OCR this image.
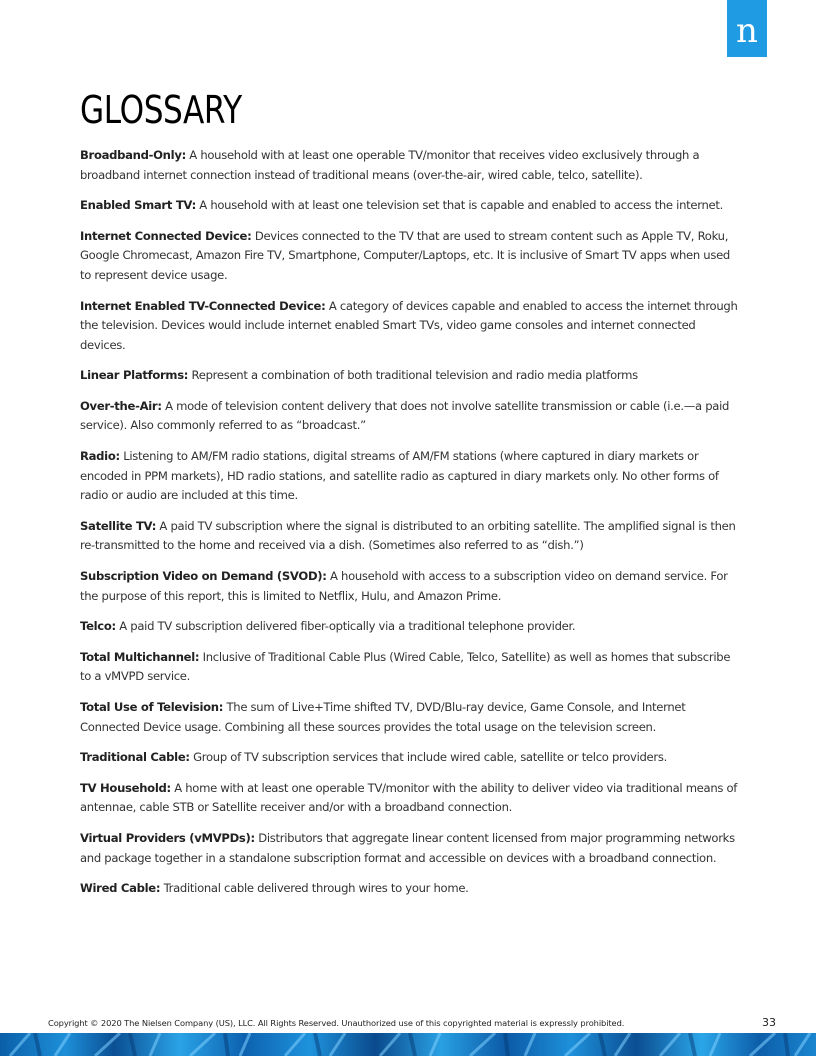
n
GLOSSARY

Broadband-Only: A household with at least one operable TV/monitor that receives video exclusively through a broadband internet connection instead of traditional means (over-the-air, wired cable, telco, satellite).

Enabled Smart TV: A household with at least one television set that is capable and enabled to access the internet.

Internet Connected Device: Devices connected to the TV that are used to stream content such as Apple TV, Roku, Google Chromecast, Amazon Fire TV, Smartphone, Computer/Laptops, etc. It is inclusive of Smart TV apps when used to represent device usage.

Internet Enabled TV-Connected Device: A category of devices capable and enabled to access the internet through the television. Devices would include internet enabled Smart TVs, video game consoles and internet connected devices.

Linear Platforms: Represent a combination of both traditional television and radio media platforms

Over-the-Air: A mode of television content delivery that does not involve satellite transmission or cable (i.e.—a paid service). Also commonly referred to as “broadcast.”

Radio: Listening to AM/FM radio stations, digital streams of AM/FM stations (where captured in diary markets or encoded in PPM markets), HD radio stations, and satellite radio as captured in diary markets only. No other forms of radio or audio are included at this time.

Satellite TV: A paid TV subscription where the signal is distributed to an orbiting satellite. The amplified signal is then re-transmitted to the home and received via a dish. (Sometimes also referred to as “dish.”)

Subscription Video on Demand (SVOD): A household with access to a subscription video on demand service. For the purpose of this report, this is limited to Netflix, Hulu, and Amazon Prime.

Telco: A paid TV subscription delivered fiber-optically via a traditional telephone provider.

Total Multichannel: Inclusive of Traditional Cable Plus (Wired Cable, Telco, Satellite) as well as homes that subscribe to a vMVPD service.

Total Use of Television: The sum of Live+Time shifted TV, DVD/Blu-ray device, Game Console, and Internet Connected Device usage. Combining all these sources provides the total usage on the television screen.

Traditional Cable: Group of TV subscription services that include wired cable, satellite or telco providers.

TV Household: A home with at least one operable TV/monitor with the ability to deliver video via traditional means of antennae, cable STB or Satellite receiver and/or with a broadband connection.

Virtual Providers (vMVPDs): Distributors that aggregate linear content licensed from major programming networks and package together in a standalone subscription format and accessible on devices with a broadband connection.

Wired Cable: Traditional cable delivered through wires to your home.

Copyright © 2020 The Nielsen Company (US), LLC. All Rights Reserved. Unauthorized use of this copyrighted material is expressly prohibited.	33
